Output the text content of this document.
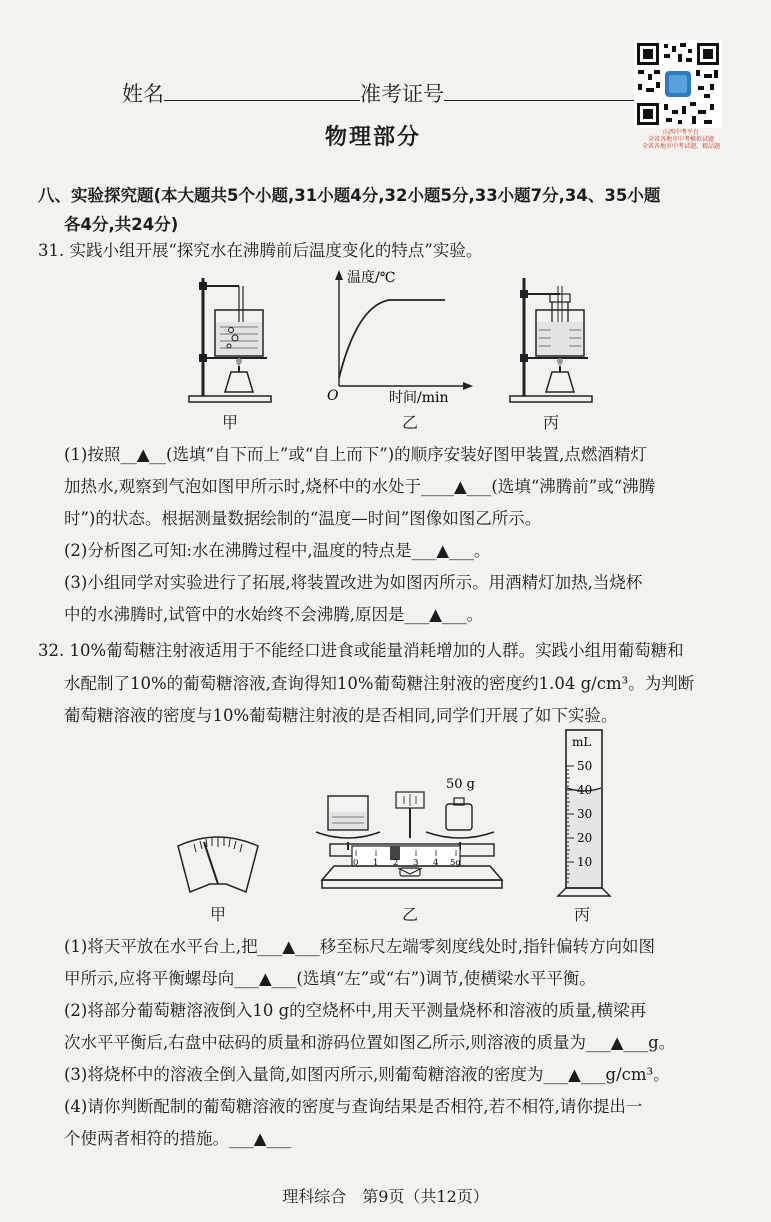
姓名	准考证号
山西中考平台
全省各地市中考模拟试题
全省各地市中考试题、精品题
物理部分
八、实验探究题(本大题共5个小题,31小题4分,32小题5分,33小题7分,34、35小题
各4分,共24分)
31. 实践小组开展“探究水在沸腾前后温度变化的特点”实验。
温度/℃
O	时间/min
甲	乙	丙
(1)按照__▲__(选填“自下而上”或“自上而下”)的顺序安装好图甲装置,点燃酒精灯
加热水,观察到气泡如图甲所示时,烧杯中的水处于____▲___(选填“沸腾前”或“沸腾
时”)的状态。根据测量数据绘制的“温度—时间”图像如图乙所示。
(2)分析图乙可知:水在沸腾过程中,温度的特点是___▲___。
(3)小组同学对实验进行了拓展,将装置改进为如图丙所示。用酒精灯加热,当烧杯
中的水沸腾时,试管中的水始终不会沸腾,原因是___▲___。
32. 10%葡萄糖注射液适用于不能经口进食或能量消耗增加的人群。实践小组用葡萄糖和
水配制了10%的葡萄糖溶液,查询得知10%葡萄糖注射液的密度约1.04 g/cm³。为判断
葡萄糖溶液的密度与10%葡萄糖注射液的是否相同,同学们开展了如下实验。
50 g
0 1 2 3 4 5g
mL
50
40
30
20
10
甲	乙	丙
(1)将天平放在水平台上,把___▲___移至标尺左端零刻度线处时,指针偏转方向如图
甲所示,应将平衡螺母向___▲___(选填“左”或“右”)调节,使横梁水平平衡。
(2)将部分葡萄糖溶液倒入10 g的空烧杯中,用天平测量烧杯和溶液的质量,横梁再
次水平平衡后,右盘中砝码的质量和游码位置如图乙所示,则溶液的质量为___▲___g。
(3)将烧杯中的溶液全倒入量筒,如图丙所示,则葡萄糖溶液的密度为___▲___g/cm³。
(4)请你判断配制的葡萄糖溶液的密度与查询结果是否相符,若不相符,请你提出一
个使两者相符的措施。___▲___
理科综合　第9页（共12页）
